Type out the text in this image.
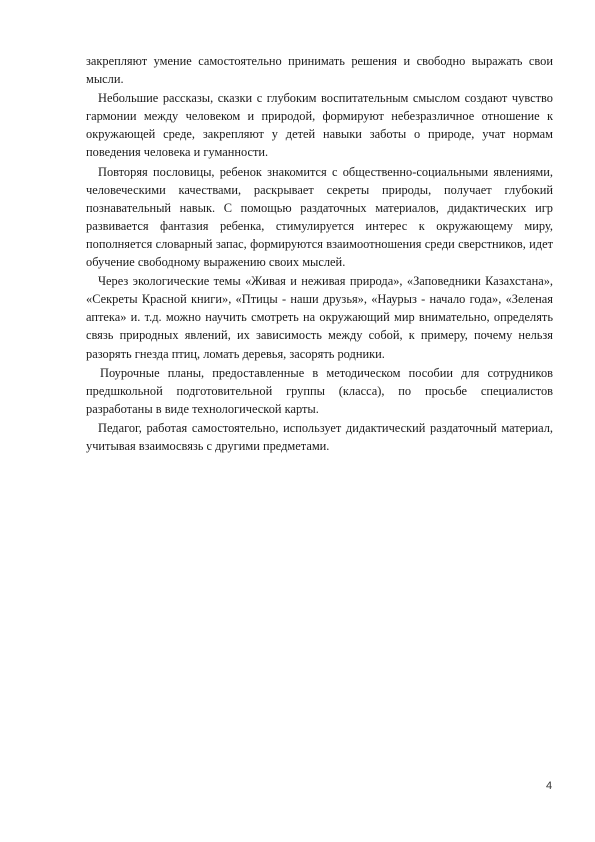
закрепляют умение самостоятельно принимать решения и свободно выражать свои мысли.

Небольшие рассказы, сказки с глубоким воспитательным смыслом создают чувство гармонии между человеком и природой, формируют небезразличное отношение к окружающей среде, закрепляют у детей навыки заботы о природе, учат нормам поведения человека и гуманности.

Повторяя пословицы, ребенок знакомится с общественно-социальными явлениями, человеческими качествами, раскрывает секреты природы, получает глубокий познавательный навык. С помощью раздаточных материалов, дидактических игр развивается фантазия ребенка, стимулируется интерес к окружающему миру, пополняется словарный запас, формируются взаимоотношения среди сверстников, идет обучение свободному выражению своих мыслей.

Через экологические темы «Живая и неживая природа», «Заповедники Казахстана», «Секреты Красной книги», «Птицы - наши друзья», «Наурыз - начало года», «Зеленая аптека» и. т.д. можно научить смотреть на окружающий мир внимательно, определять связь природных явлений, их зависимость между собой, к примеру, почему нельзя разорять гнезда птиц, ломать деревья, засорять родники.

Поурочные планы, предоставленные в методическом пособии для сотрудников предшкольной подготовительной группы (класса), по просьбе специалистов разработаны в виде технологической карты.

Педагог, работая самостоятельно, использует дидактический раздаточный материал, учитывая взаимосвязь с другими предметами.

4
